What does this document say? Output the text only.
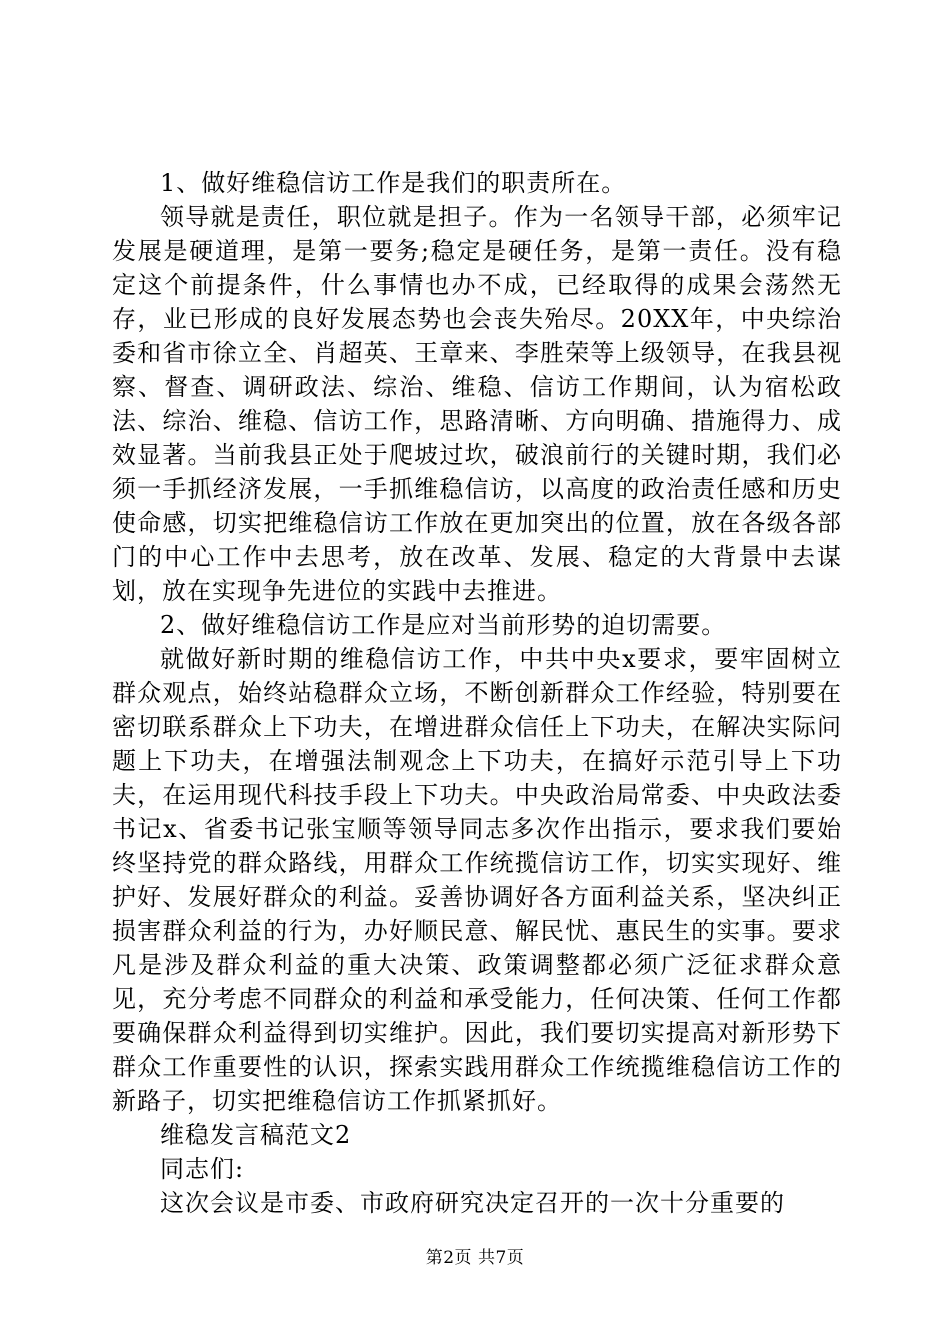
1、做好维稳信访工作是我们的职责所在。

领导就是责任，职位就是担子。作为一名领导干部，必须牢记发展是硬道理，是第一要务;稳定是硬任务，是第一责任。没有稳定这个前提条件，什么事情也办不成，已经取得的成果会荡然无存，业已形成的良好发展态势也会丧失殆尽。20XX年，中央综治委和省市徐立全、肖超英、王章来、李胜荣等上级领导，在我县视察、督查、调研政法、综治、维稳、信访工作期间，认为宿松政法、综治、维稳、信访工作，思路清晰、方向明确、措施得力、成效显著。当前我县正处于爬坡过坎，破浪前行的关键时期，我们必须一手抓经济发展，一手抓维稳信访，以高度的政治责任感和历史使命感，切实把维稳信访工作放在更加突出的位置，放在各级各部门的中心工作中去思考，放在改革、发展、稳定的大背景中去谋划，放在实现争先进位的实践中去推进。

2、做好维稳信访工作是应对当前形势的迫切需要。

就做好新时期的维稳信访工作，中共中央x要求，要牢固树立群众观点，始终站稳群众立场，不断创新群众工作经验，特别要在密切联系群众上下功夫，在增进群众信任上下功夫，在解决实际问题上下功夫，在增强法制观念上下功夫，在搞好示范引导上下功夫，在运用现代科技手段上下功夫。中央政治局常委、中央政法委书记x、省委书记张宝顺等领导同志多次作出指示，要求我们要始终坚持党的群众路线，用群众工作统揽信访工作，切实实现好、维护好、发展好群众的利益。妥善协调好各方面利益关系，坚决纠正损害群众利益的行为，办好顺民意、解民忧、惠民生的实事。要求凡是涉及群众利益的重大决策、政策调整都必须广泛征求群众意见，充分考虑不同群众的利益和承受能力，任何决策、任何工作都要确保群众利益得到切实维护。因此，我们要切实提高对新形势下群众工作重要性的认识，探索实践用群众工作统揽维稳信访工作的新路子，切实把维稳信访工作抓紧抓好。

维稳发言稿范文2

同志们:

这次会议是市委、市政府研究决定召开的一次十分重要的

第2页 共7页
